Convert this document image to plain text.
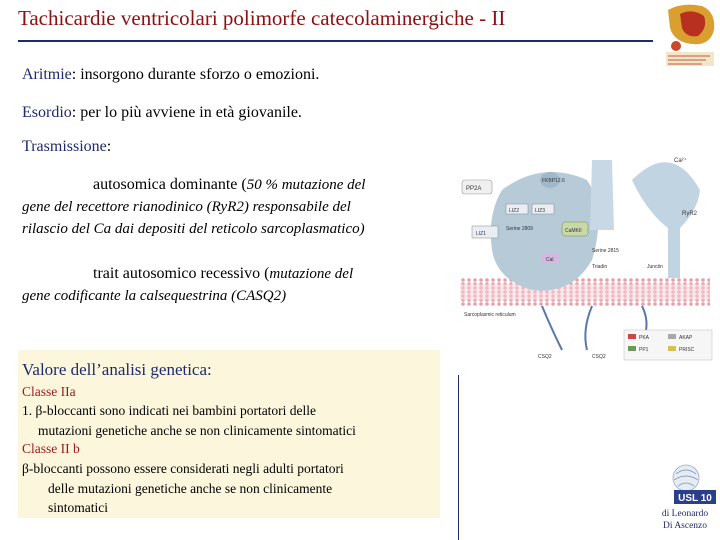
Tachicardie ventricolari polimorfe catecolaminergiche - II
Aritmie: insorgono durante sforzo o emozioni.
Esordio: per lo più avviene in età giovanile.
Trasmissione:
autosomica dominante (50 % mutazione del
gene del recettore rianodinico (RyR2) responsabile del
rilascio del Ca dai depositi del reticolo sarcoplasmatico)
trait autosomico recessivo (mutazione del
gene codificante la calsequestrina (CASQ2)
PP2A
Ca²⁺
FKBP12.6
RyR2
LIZ2	LIZ3
LIZ1
Serine 2809	CaMKII
Serine 2815
Cal
Triadin	Junctin
Sarcoplasmic reticulum
CSQ2	CSQ2
PKA	AKAP
PP1	PRISC
Valore dell’analisi genetica:
Classe IIa
1. β-bloccanti sono indicati nei bambini portatori delle
mutazioni genetiche anche se non clinicamente sintomatici
Classe II b
β-bloccanti possono essere considerati negli adulti portatori
delle mutazioni genetiche anche se non clinicamente
sintomatici
USL 10
di Leonardo
Di Ascenzo
